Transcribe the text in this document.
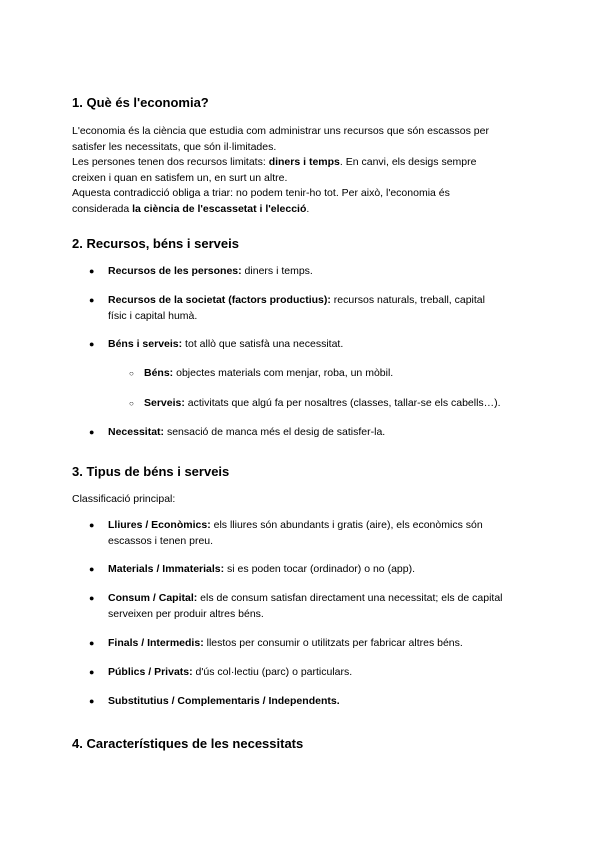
1. Què és l'economia?

L'economia és la ciència que estudia com administrar uns recursos que són escassos per
satisfer les necessitats, que són il·limitades.
Les persones tenen dos recursos limitats: diners i temps. En canvi, els desigs sempre
creixen i quan en satisfem un, en surt un altre.
Aquesta contradicció obliga a triar: no podem tenir-ho tot. Per això, l'economia és
considerada la ciència de l'escassetat i l'elecció.

2. Recursos, béns i serveis
● Recursos de les persones: diners i temps.
● Recursos de la societat (factors productius): recursos naturals, treball, capital
físic i capital humà.
● Béns i serveis: tot allò que satisfà una necessitat.
○ Béns: objectes materials com menjar, roba, un mòbil.
○ Serveis: activitats que algú fa per nosaltres (classes, tallar-se els cabells…).
● Necessitat: sensació de manca més el desig de satisfer-la.
3. Tipus de béns i serveis

Classificació principal:

● Lliures / Econòmics: els lliures són abundants i gratis (aire), els econòmics són
escassos i tenen preu.
● Materials / Immaterials: si es poden tocar (ordinador) o no (app).
● Consum / Capital: els de consum satisfan directament una necessitat; els de capital
serveixen per produir altres béns.
● Finals / Intermedis: llestos per consumir o utilitzats per fabricar altres béns.
● Públics / Privats: d'ús col·lectiu (parc) o particulars.
● Substitutius / Complementaris / Independents.
4. Característiques de les necessitats
